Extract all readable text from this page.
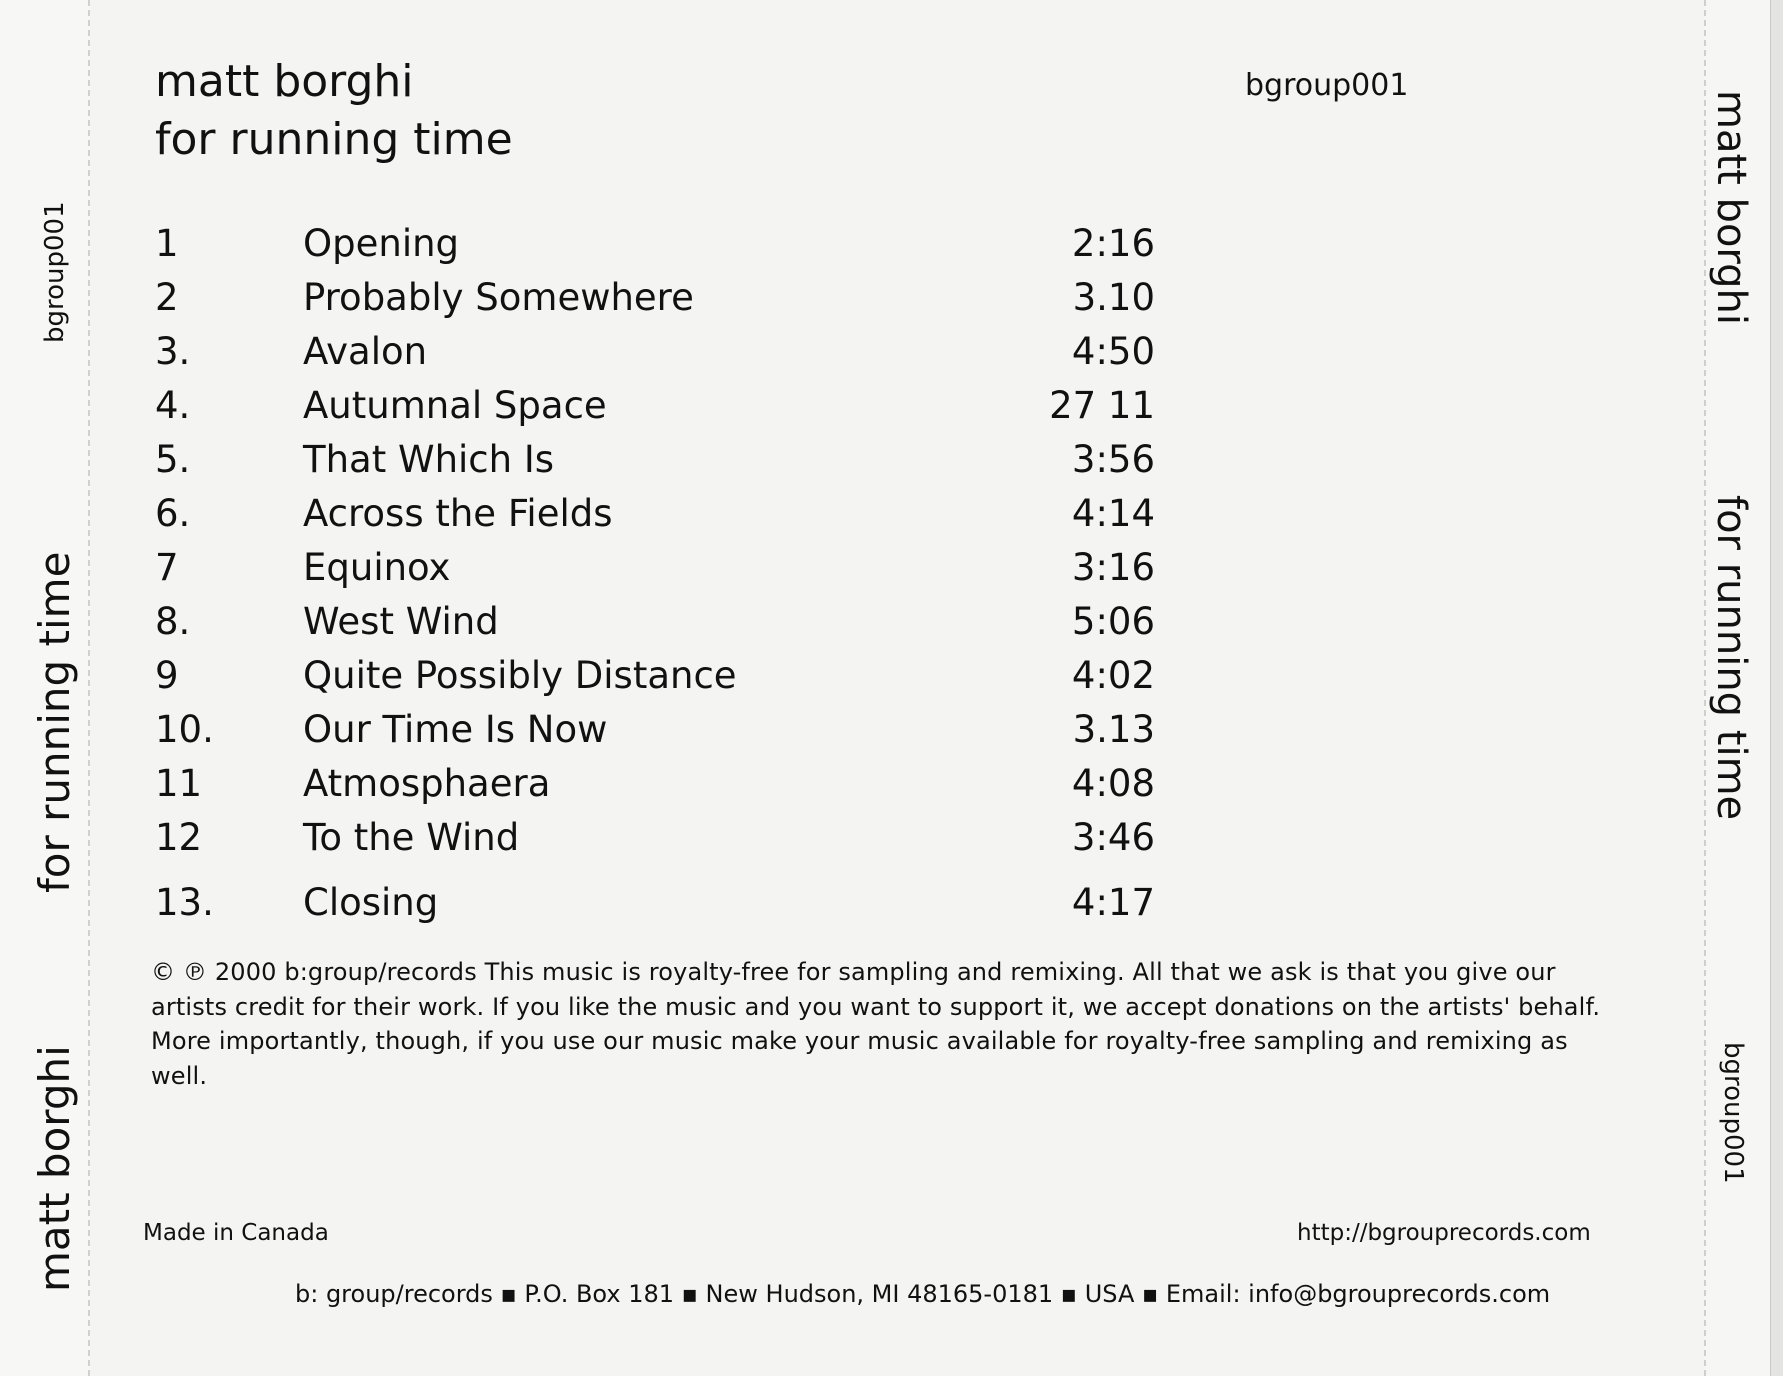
matt borghi
for running time
bgroup001	matt borghi
for running time
bgroup001
matt borghi
for running time
bgroup001
1	Opening	2:16
2	Probably Somewhere	3.10
3.	Avalon	4:50
4.	Autumnal Space	27 11
5.	That Which Is	3:56
6.	Across the Fields	4:14
7	Equinox	3:16
8.	West Wind	5:06
9	Quite Possibly Distance	4:02
10. Our Time Is Now	3.13
11	Atmosphaera	4:08
12	To the Wind	3:46
13. Closing	4:17
© ℗ 2000 b:group/records This music is royalty-free for sampling and remixing. All that we ask is that you give our artists credit for their work. If you like the music and you want to support it, we accept donations on the artists' behalf. More importantly, though, if you use our music make your music available for royalty-free sampling and remixing as well.
Made in Canada	http://bgrouprecords.com
b: group/records ▪ P.O. Box 181 ▪ New Hudson, MI 48165-0181 ▪ USA ▪ Email: info@bgrouprecords.com
